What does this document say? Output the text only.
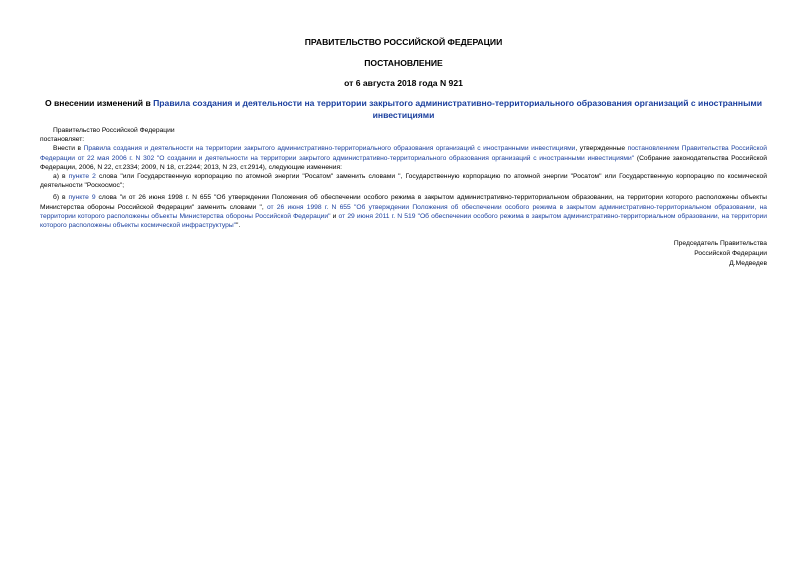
ПРАВИТЕЛЬСТВО РОССИЙСКОЙ ФЕДЕРАЦИИ
ПОСТАНОВЛЕНИЕ
от 6 августа 2018 года N 921
О внесении изменений в Правила создания и деятельности на территории закрытого административно-территориального образования организаций с иностранными инвестициями

Правительство Российской Федерации

постановляет:

Внести в Правила создания и деятельности на территории закрытого административно-территориального образования организаций с иностранными инвестициями, утвержденные постановлением Правительства Российской Федерации от 22 мая 2006 г. N 302 "О создании и деятельности на территории закрытого административно-территориального образования организаций с иностранными инвестициями" (Собрание законодательства Российской Федерации, 2006, N 22, ст.2334; 2009, N 18, ст.2244; 2013, N 23, ст.2914), следующие изменения:

а) в пункте 2 слова "или Государственную корпорацию по атомной энергии "Росатом" заменить словами ", Государственную корпорацию по атомной энергии "Росатом" или Государственную корпорацию по космической деятельности "Роскосмос";

б) в пункте 9 слова "и от 26 июня 1998 г. N 655 "Об утверждении Положения об обеспечении особого режима в закрытом административно-территориальном образовании, на территории которого расположены объекты Министерства обороны Российской Федерации" заменить словами ", от 26 июня 1998 г. N 655 "Об утверждении Положения об обеспечении особого режима в закрытом административно-территориальном образовании, на территории которого расположены объекты Министерства обороны Российской Федерации" и от 29 июня 2011 г. N 519 "Об обеспечении особого режима в закрытом административно-территориальном образовании, на территории которого расположены объекты космической инфраструктуры"".

Председатель Правительства
Российской Федерации
Д.Медведев
